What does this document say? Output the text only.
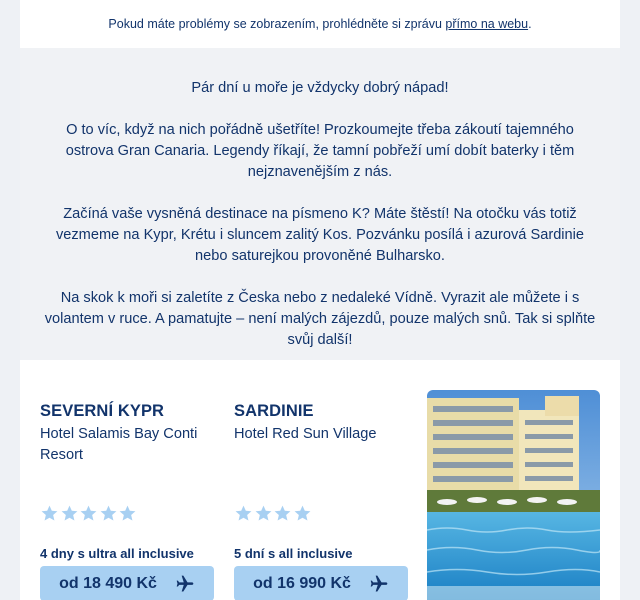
Pokud máte problémy se zobrazením, prohlédněte si zprávu přímo na webu.

Pár dní u moře je vždycky dobrý nápad!

O to víc, když na nich pořádně ušetříte! Prozkoumejte třeba zákoutí tajemného ostrova Gran Canaria. Legendy říkají, že tamní pobřeží umí dobít baterky i těm nejznavenějším z nás.

Začíná vaše vysněná destinace na písmeno K? Máte štěstí! Na otočku vás totiž vezmeme na Kypr, Krétu i sluncem zalitý Kos. Pozvánku posílá i azurová Sardinie nebo saturejkou provoněné Bulharsko.

Na skok k moři si zaletíte z Česka nebo z nedaleké Vídně. Vyrazit ale můžete i s volantem v ruce. A pamatujte – není malých zájezdů, pouze malých snů. Tak si splňte svůj další!

SEVERNÍ KYPR
Hotel Salamis Bay Conti Resort
4 dny s ultra all inclusive
od 18 490 Kč
SARDINIE
Hotel Red Sun Village
5 dní s all inclusive
od 16 990 Kč
